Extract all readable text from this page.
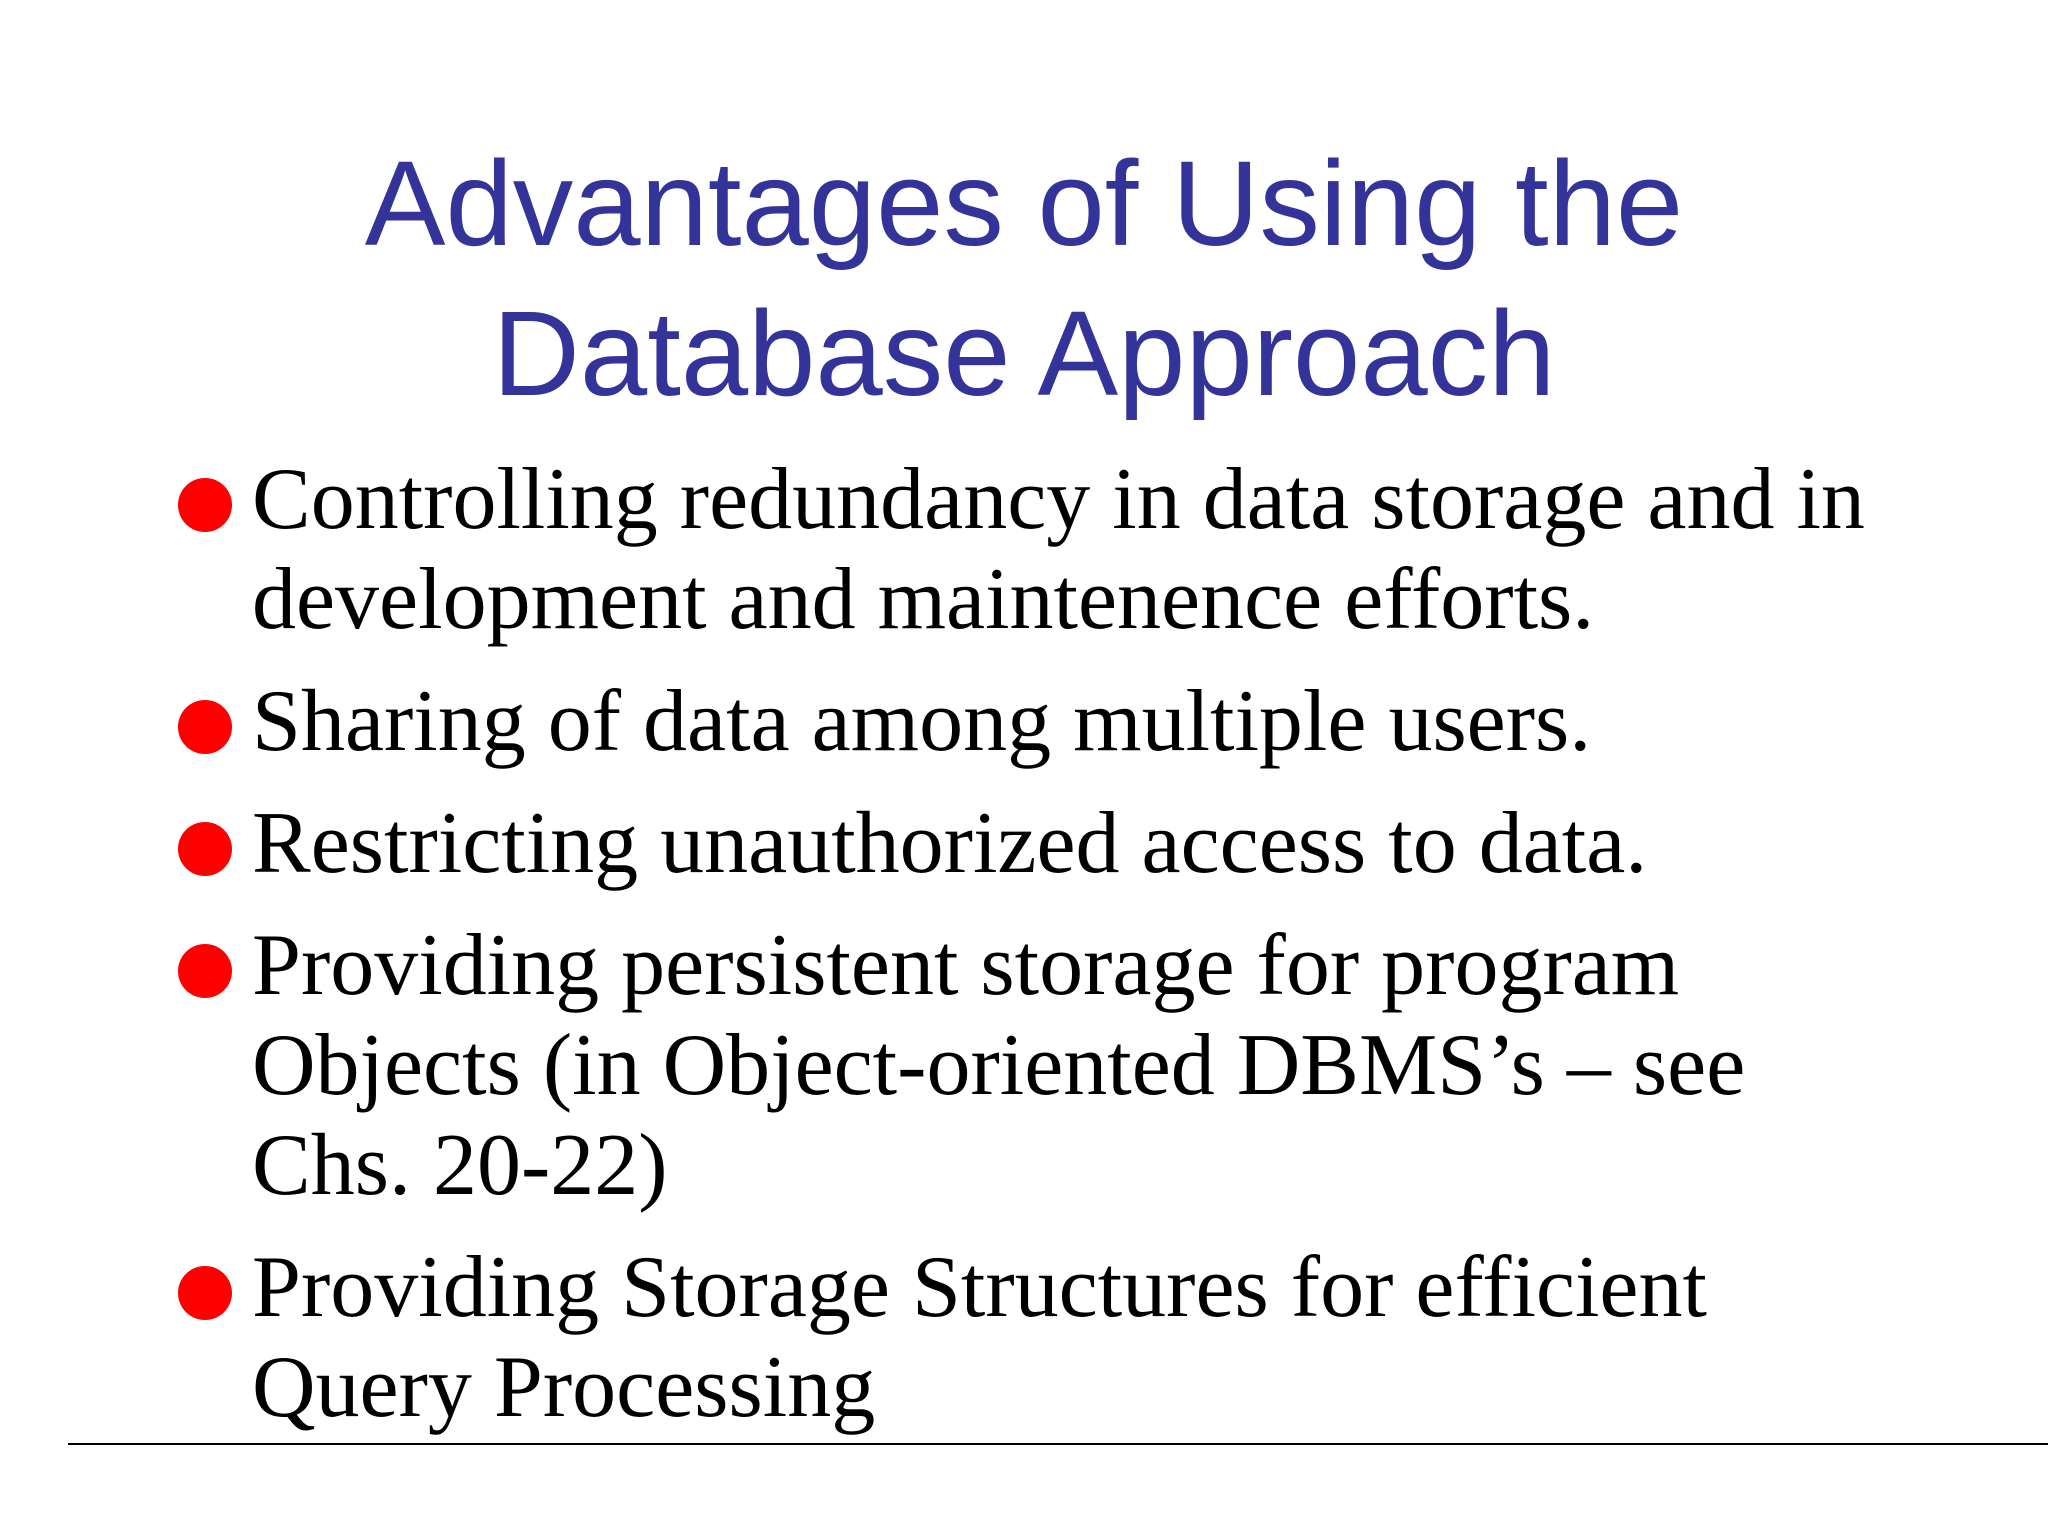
Advantages of Using the
Database Approach
Controlling redundancy in data storage and in development and maintenence efforts.
Sharing of data among multiple users.
Restricting unauthorized access to data.
Providing persistent storage for program Objects (in Object-oriented DBMS’s – see Chs. 20-22)
Providing Storage Structures for efficient Query Processing
